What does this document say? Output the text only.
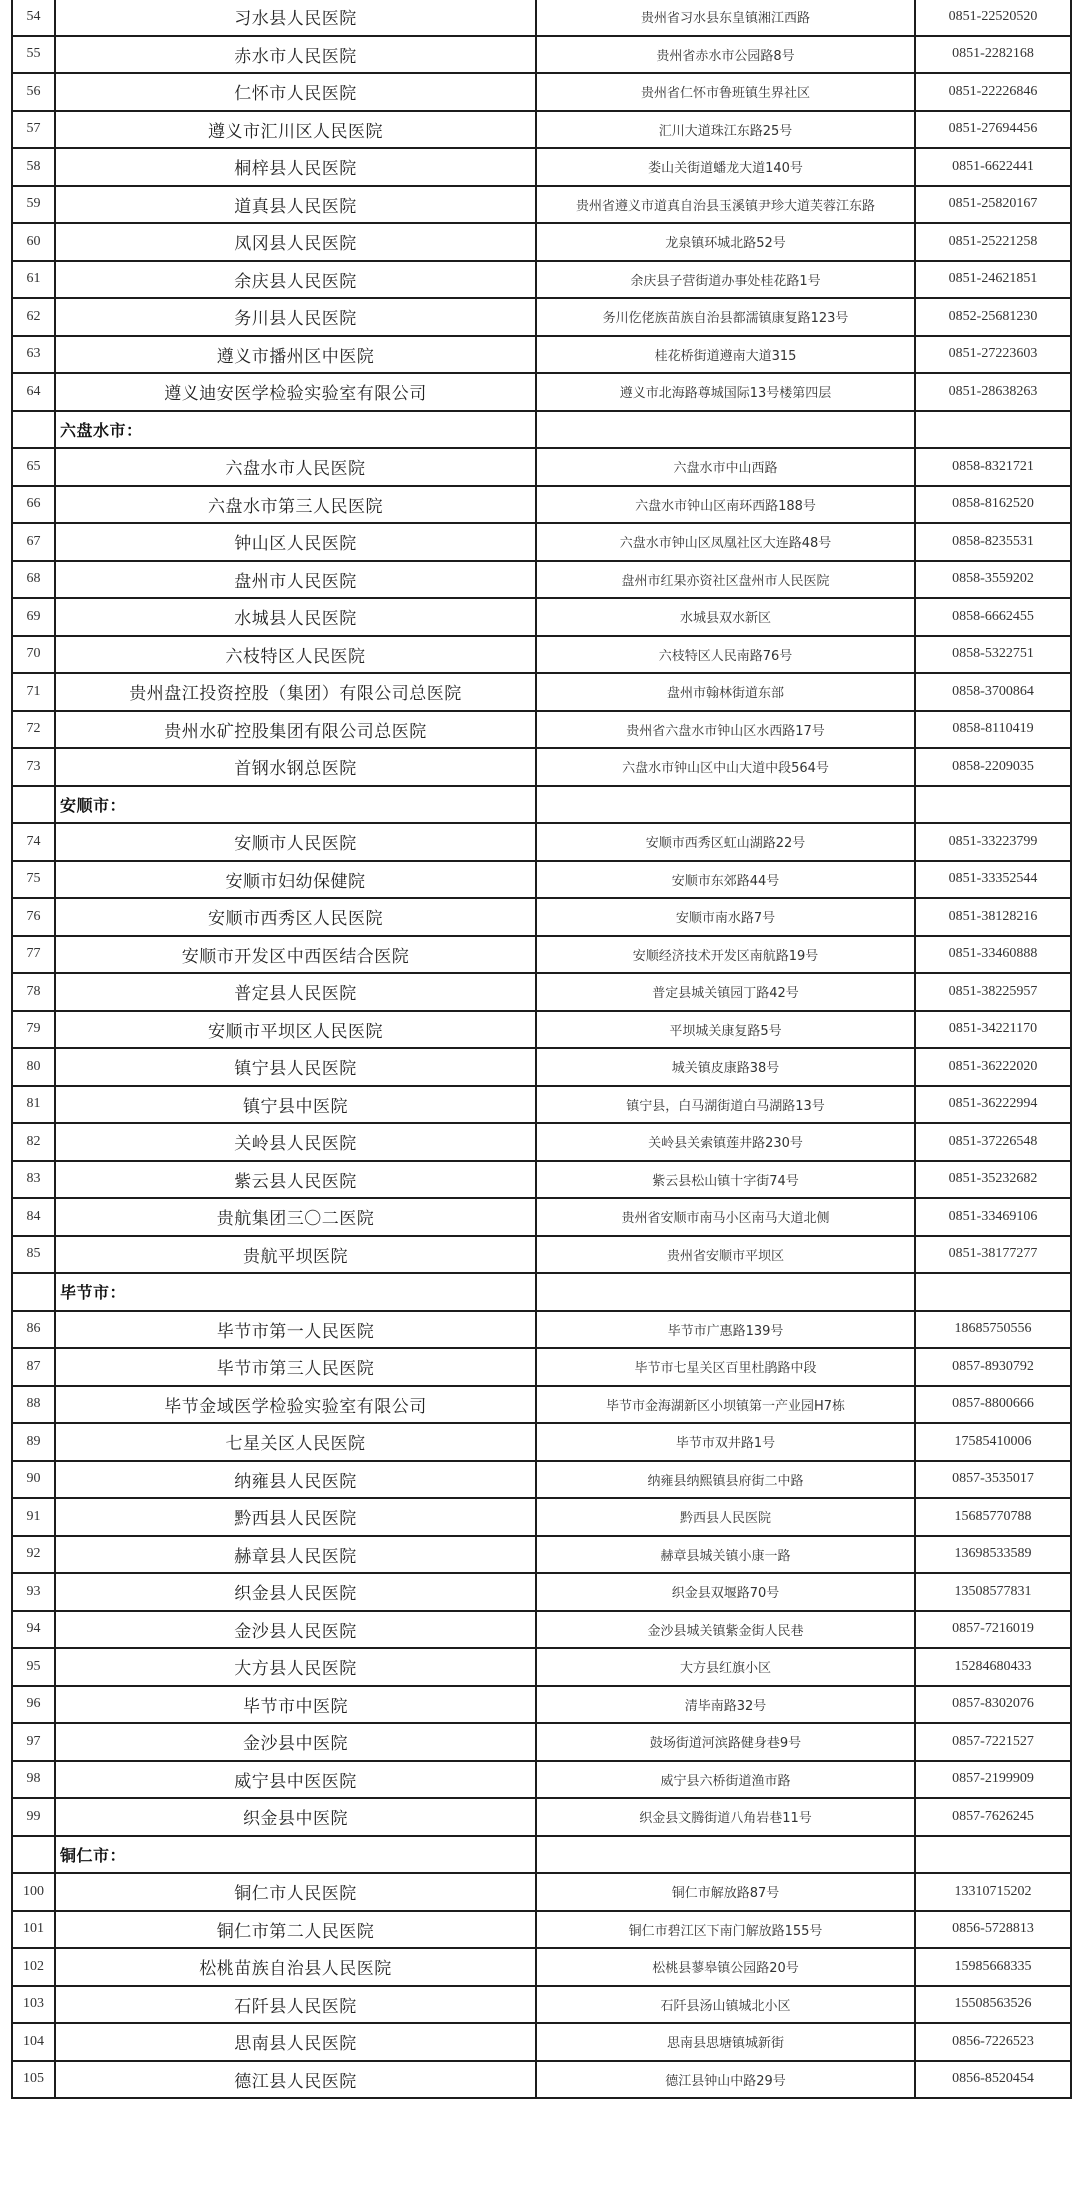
54	习水县人民医院	贵州省习水县东皇镇湘江西路	0851-22520520
55	赤水市人民医院	贵州省赤水市公园路8号	0851-2282168
56	仁怀市人民医院	贵州省仁怀市鲁班镇生界社区	0851-22226846
57	遵义市汇川区人民医院	汇川大道珠江东路25号	0851-27694456
58	桐梓县人民医院	娄山关街道蟠龙大道140号	0851-6622441
59	道真县人民医院	贵州省遵义市道真自治县玉溪镇尹珍大道芙蓉江东路	0851-25820167
60	凤冈县人民医院	龙泉镇环城北路52号	0851-25221258
61	余庆县人民医院	余庆县子营街道办事处桂花路1号	0851-24621851
62	务川县人民医院	务川仡佬族苗族自治县都濡镇康复路123号	0852-25681230
63	遵义市播州区中医院	桂花桥街道遵南大道315	0851-27223603
64	遵义迪安医学检验实验室有限公司	遵义市北海路尊城国际13号楼第四层	0851-28638263
	六盘水市：		
65	六盘水市人民医院	六盘水市中山西路	0858-8321721
66	六盘水市第三人民医院	六盘水市钟山区南环西路188号	0858-8162520
67	钟山区人民医院	六盘水市钟山区凤凰社区大连路48号	0858-8235531
68	盘州市人民医院	盘州市红果亦资社区盘州市人民医院	0858-3559202
69	水城县人民医院	水城县双水新区	0858-6662455
70	六枝特区人民医院	六枝特区人民南路76号	0858-5322751
71	贵州盘江投资控股（集团）有限公司总医院	盘州市翰林街道东部	0858-3700864
72	贵州水矿控股集团有限公司总医院	贵州省六盘水市钟山区水西路17号	0858-8110419
73	首钢水钢总医院	六盘水市钟山区中山大道中段564号	0858-2209035
	安顺市：		
74	安顺市人民医院	安顺市西秀区虹山湖路22号	0851-33223799
75	安顺市妇幼保健院	安顺市东郊路44号	0851-33352544
76	安顺市西秀区人民医院	安顺市南水路7号	0851-38128216
77	安顺市开发区中西医结合医院	安顺经济技术开发区南航路19号	0851-33460888
78	普定县人民医院	普定县城关镇园丁路42号	0851-38225957
79	安顺市平坝区人民医院	平坝城关康复路5号	0851-34221170
80	镇宁县人民医院	城关镇皮康路38号	0851-36222020
81	镇宁县中医院	镇宁县，白马湖街道白马湖路13号	0851-36222994
82	关岭县人民医院	关岭县关索镇莲井路230号	0851-37226548
83	紫云县人民医院	紫云县松山镇十字街74号	0851-35232682
84	贵航集团三〇二医院	贵州省安顺市南马小区南马大道北侧	0851-33469106
85	贵航平坝医院	贵州省安顺市平坝区	0851-38177277
	毕节市：		
86	毕节市第一人民医院	毕节市广惠路139号	18685750556
87	毕节市第三人民医院	毕节市七星关区百里杜鹃路中段	0857-8930792
88	毕节金域医学检验实验室有限公司	毕节市金海湖新区小坝镇第一产业园H7栋	0857-8800666
89	七星关区人民医院	毕节市双井路1号	17585410006
90	纳雍县人民医院	纳雍县纳熙镇县府街二中路	0857-3535017
91	黔西县人民医院	黔西县人民医院	15685770788
92	赫章县人民医院	赫章县城关镇小康一路	13698533589
93	织金县人民医院	织金县双堰路70号	13508577831
94	金沙县人民医院	金沙县城关镇紫金街人民巷	0857-7216019
95	大方县人民医院	大方县红旗小区	15284680433
96	毕节市中医院	清毕南路32号	0857-8302076
97	金沙县中医院	鼓场街道河滨路健身巷9号	0857-7221527
98	威宁县中医医院	威宁县六桥街道渔市路	0857-2199909
99	织金县中医院	织金县文腾街道八角岩巷11号	0857-7626245
	铜仁市：		
100	铜仁市人民医院	铜仁市解放路87号	13310715202
101	铜仁市第二人民医院	铜仁市碧江区下南门解放路155号	0856-5728813
102	松桃苗族自治县人民医院	松桃县蓼皋镇公园路20号	15985668335
103	石阡县人民医院	石阡县汤山镇城北小区	15508563526
104	思南县人民医院	思南县思塘镇城新街	0856-7226523
105	德江县人民医院	德江县钟山中路29号	0856-8520454
